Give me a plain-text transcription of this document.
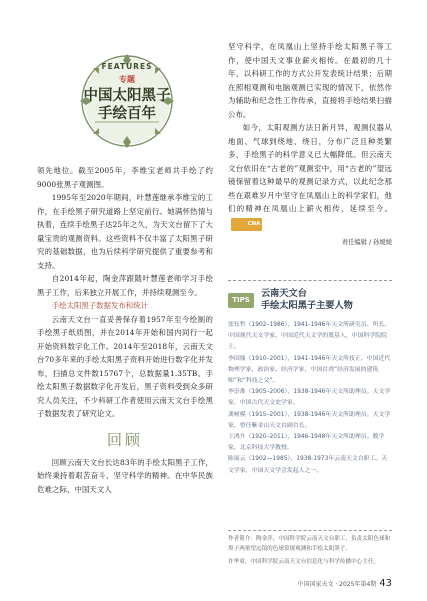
FEATURES
专题
中国太阳黑子
手绘百年

领先地位。截至2005年，李维宝老师共手绘了约9000张黑子观测图。

1995年至2020年期间，叶慧莲继承李维宝的工作，在手绘黑子研究道路上坚定前行。她满怀热情与执着，连续手绘黑子达25年之久，为天文台留下了大量宝贵的观测资料。这些资料不仅丰富了太阳黑子研究的基础数据，也为后续科学研究提供了重要参考和支持。

自2014年起，陶金萍跟随叶慧莲老师学习手绘黑子工作，后来独立开展工作，并持续观测至今。

手绘太阳黑子数据发布和统计

云南天文台一直妥善保存着1957年至今绘制的手绘黑子纸质图，并在2014年开始和国内同行一起开始资料数字化工作。2014年至2018年，云南天文台70多年来的手绘太阳黑子资料开始进行数字化并发布，扫描总文件数15767个，总数据量1.35TB。手绘太阳黑子数据数字化开发后，黑子资料受到众多研究人员关注，不少科研工作者使用云南天文台手绘黑子数据发表了研究论文。

回顾

回顾云南天文台长达83年的手绘太阳黑子工作，始终秉持着艰苦奋斗、坚守科学的精神。在中华民族危难之际，中国天文人

坚守科学，在凤凰山上坚持手绘太阳黑子等工作，使中国天文事业薪火相传。在最初的几十年，以科研工作的方式公开发表统计结果；后期在照相观测和电脑观测已实现的情况下，依然作为辅助和纪念性工作传承，直接将手绘结果扫描公布。

如今，太阳观测方法日新月异，观测仪器从地面、气球到绕地、绕日，分布广泛且种类繁多，手绘黑子的科学意义已大幅降低。但云南天文台依旧在“古老的”观测室中，用“古老的”望远镜保留着这种最早的观测记录方式，以此纪念那些在艰难岁月中坚守在凤凰山上的科学家们，他们的精神在凤凰山上薪火相传，延续至今。CNA

责任编辑 / 孙媛媛
TIPS
云南天文台
手绘太阳黑子主要人物

张钰哲（1902–1986），1941-1946年天文所研究员、所长。中国现代天文学家、中国近代天文学的奠基人，中国科学院院士。

李国鼎（1910–2001），1941-1946年天文所技正。中国近代物理学家、政治家、经济学家，中国台湾“经济发展的建筑师”和“科技之父”。

李崇淮（1905–2006），1938-1946年天文所助理员。天文学家，中国古代天文史学家。

龚树模（1915–2001），1938-1946年天文所助理员。天文学家，曾任紫金山天文台副台长。

王鸿升（1920–2011），1946-1948年天文所助理员。数学家，北京科技大学教授。

陈展云（1902—1985），1938-1973年云南天文台职工。天文学家，中国天文学会发起人之一。

作者简介：陶金萍，中国科学院云南天文台职工，负责太阳色球和黑子两架望远镜的色球常规观测和手绘太阳黑子。

许华童，中国科学院云南天文台信息化与科学传播中心主任。

中国国家天文 · 2025年第4期 43
